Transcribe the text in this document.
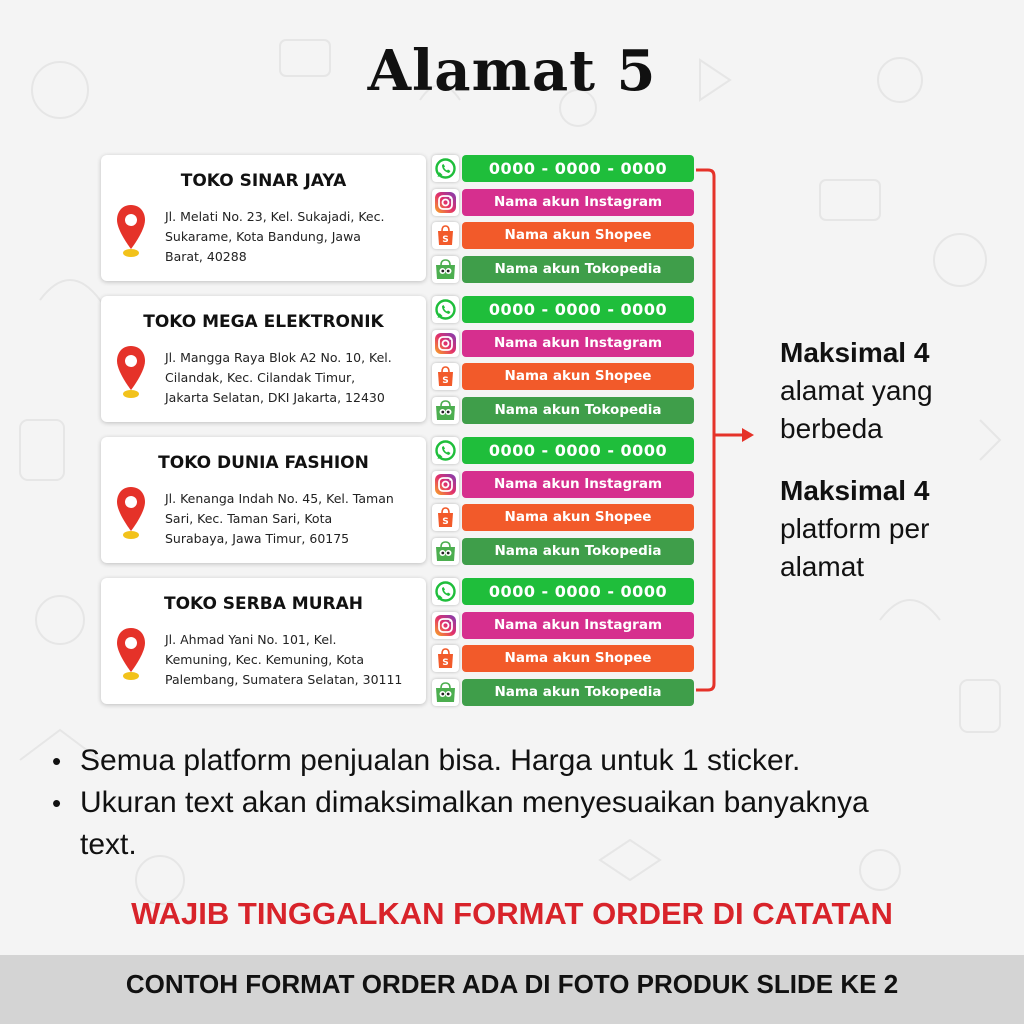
Alamat 5
TOKO SINAR JAYA
Jl. Melati No. 23, Kel. Sukajadi, Kec.
Sukarame, Kota Bandung, Jawa
Barat, 40288
0000 - 0000 - 0000
Nama akun Instagram
S	Nama akun Shopee
Nama akun Tokopedia
TOKO MEGA ELEKTRONIK
Jl. Mangga Raya Blok A2 No. 10, Kel.
Cilandak, Kec. Cilandak Timur,
Jakarta Selatan, DKI Jakarta, 12430
0000 - 0000 - 0000
Nama akun Instagram
S	Nama akun Shopee
Nama akun Tokopedia
TOKO DUNIA FASHION
Jl. Kenanga Indah No. 45, Kel. Taman
Sari, Kec. Taman Sari, Kota
Surabaya, Jawa Timur, 60175
0000 - 0000 - 0000
Nama akun Instagram
S	Nama akun Shopee
Nama akun Tokopedia
TOKO SERBA MURAH
Jl. Ahmad Yani No. 101, Kel.
Kemuning, Kec. Kemuning, Kota
Palembang, Sumatera Selatan, 30111
0000 - 0000 - 0000
Nama akun Instagram
S	Nama akun Shopee
Nama akun Tokopedia
Maksimal 4
alamat yang
berbeda
Maksimal 4
platform per
alamat
• Semua platform penjualan bisa. Harga untuk 1 sticker.
• Ukuran text akan dimaksimalkan menyesuaikan banyaknya
text.
WAJIB TINGGALKAN FORMAT ORDER DI CATATAN
CONTOH FORMAT ORDER ADA DI FOTO PRODUK SLIDE KE 2
